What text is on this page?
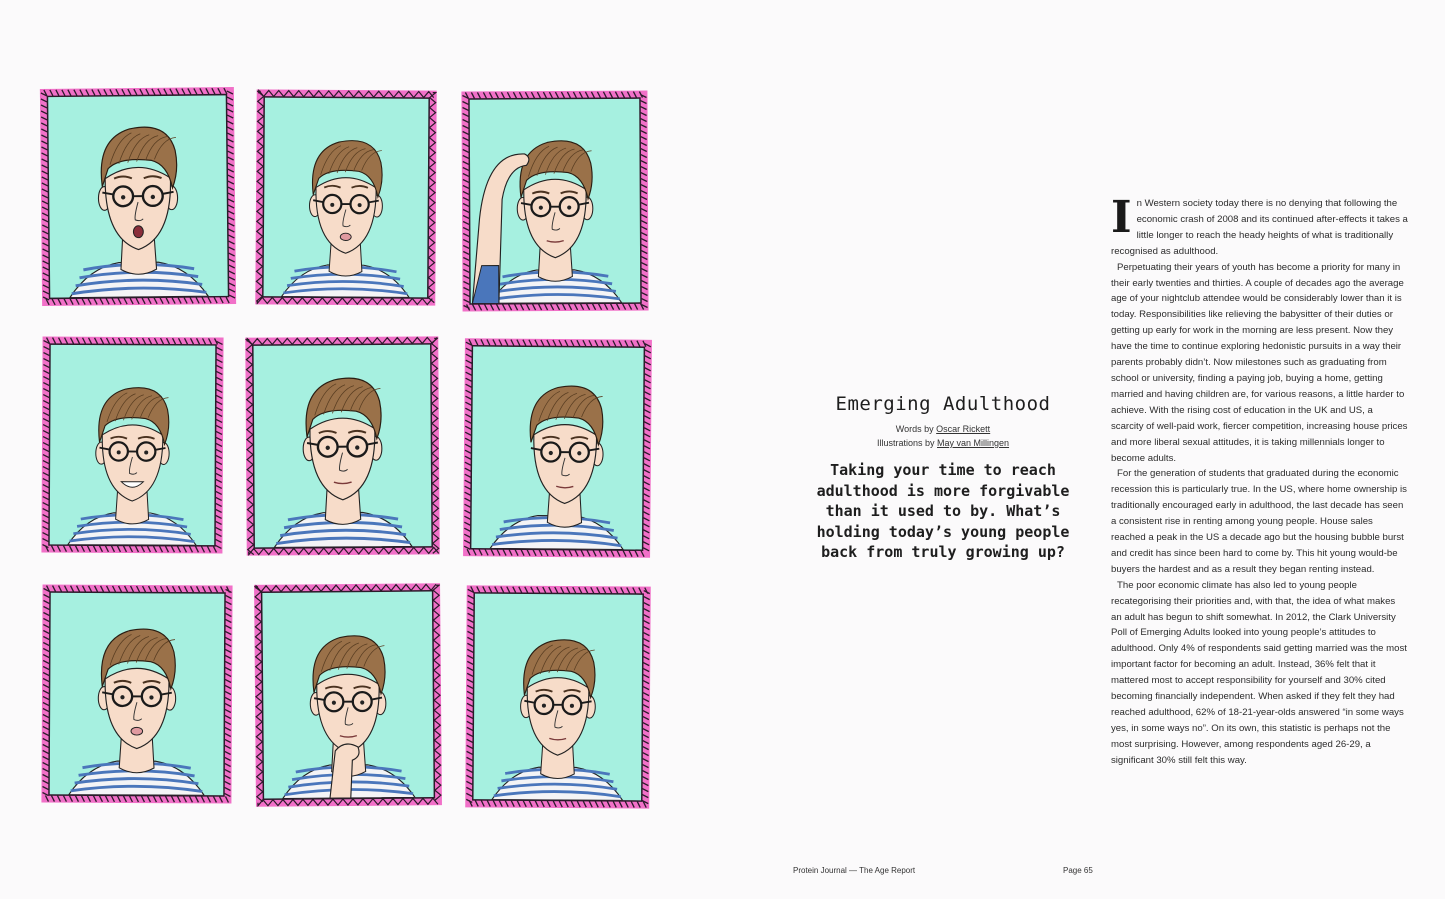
Emerging Adulthood
Words by Oscar Rickett
Illustrations by May van Millingen

Taking your time to reach adulthood is more forgivable than it used to by. What’s holding today’s young people back from truly growing up?

I n Western society today there is no denying that following the economic crash of 2008 and its continued after-effects it takes a little longer to reach the heady heights of what is traditionally recognised as adulthood.

Perpetuating their years of youth has become a priority for many in their early twenties and thirties. A couple of decades ago the average age of your nightclub attendee would be considerably lower than it is today. Responsibilities like relieving the babysitter of their duties or getting up early for work in the morning are less present. Now they have the time to continue exploring hedonistic pursuits in a way their parents probably didn’t. Now milestones such as graduating from school or university, finding a paying job, buying a home, getting married and having children are, for various reasons, a little harder to achieve. With the rising cost of education in the UK and US, a scarcity of well-paid work, fiercer competition, increasing house prices and more liberal sexual attitudes, it is taking millennials longer to become adults.

For the generation of students that graduated during the economic recession this is particularly true. In the US, where home ownership is traditionally encouraged early in adulthood, the last decade has seen a consistent rise in renting among young people. House sales reached a peak in the US a decade ago but the housing bubble burst and credit has since been hard to come by. This hit young would-be buyers the hardest and as a result they began renting instead.

The poor economic climate has also led to young people recategorising their priorities and, with that, the idea of what makes an adult has begun to shift somewhat. In 2012, the Clark University Poll of Emerging Adults looked into young people’s attitudes to adulthood. Only 4% of respondents said getting married was the most important factor for becoming an adult. Instead, 36% felt that it mattered most to accept responsibility for yourself and 30% cited becoming financially independent. When asked if they felt they had reached adulthood, 62% of 18-21-year-olds answered “in some ways yes, in some ways no”. On its own, this statistic is perhaps not the most surprising. However, among respondents aged 26-29, a significant 30% still felt this way.

Protein Journal — The Age Report	Page 65
